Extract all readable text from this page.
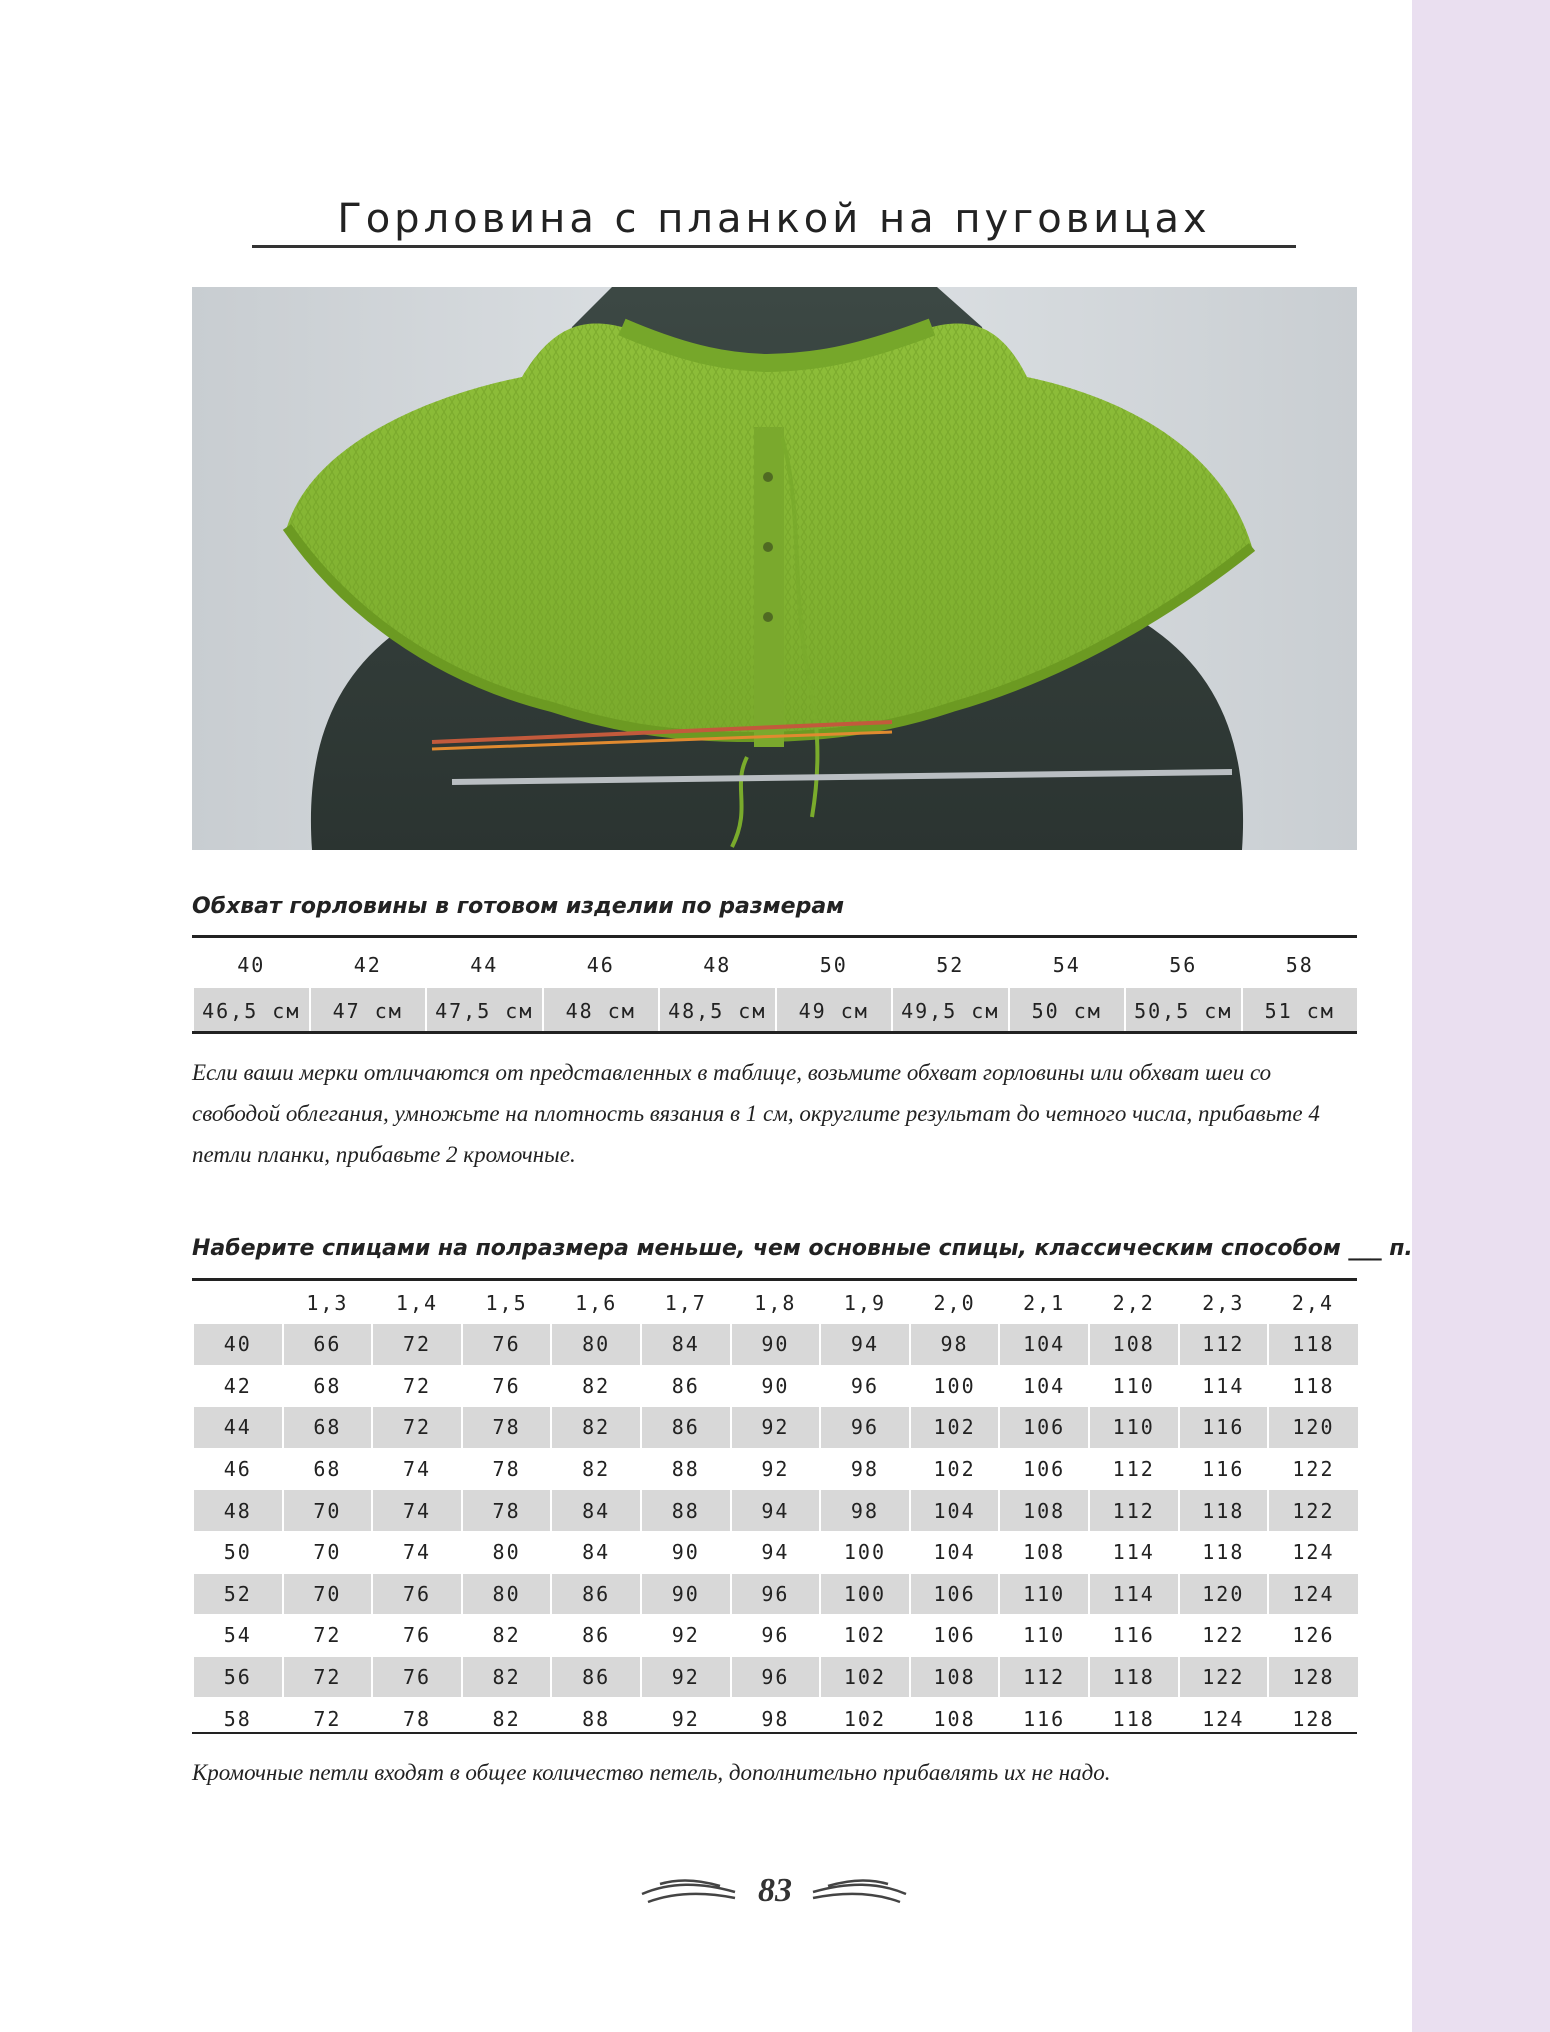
Горловина с планкой на пуговицах
Обхват горловины в готовом изделии по размерам
40	42	44	46	48	50	52	54	56	58
46,5 см	47 см	47,5 см	48 см	48,5 см	49 см	49,5 см	50 см	50,5 см	51 см

Если ваши мерки отличаются от представленных в таблице, возьмите обхват горловины или обхват шеи со свободой облегания, умножьте на плотность вязания в 1 см, округлите результат до четного числа, прибавьте 4 петли планки, прибавьте 2 кромочные.

Наберите спицами на полразмера меньше, чем основные спицы, классическим способом ___ п.
	1,3	1,4	1,5	1,6	1,7	1,8	1,9	2,0	2,1	2,2	2,3	2,4
40	66	72	76	80	84	90	94	98	104	108	112	118
42	68	72	76	82	86	90	96	100	104	110	114	118
44	68	72	78	82	86	92	96	102	106	110	116	120
46	68	74	78	82	88	92	98	102	106	112	116	122
48	70	74	78	84	88	94	98	104	108	112	118	122
50	70	74	80	84	90	94	100	104	108	114	118	124
52	70	76	80	86	90	96	100	106	110	114	120	124
54	72	76	82	86	92	96	102	106	110	116	122	126
56	72	76	82	86	92	96	102	108	112	118	122	128
58	72	78	82	88	92	98	102	108	116	118	124	128

Кромочные петли входят в общее количество петель, дополнительно прибавлять их не надо.

83
